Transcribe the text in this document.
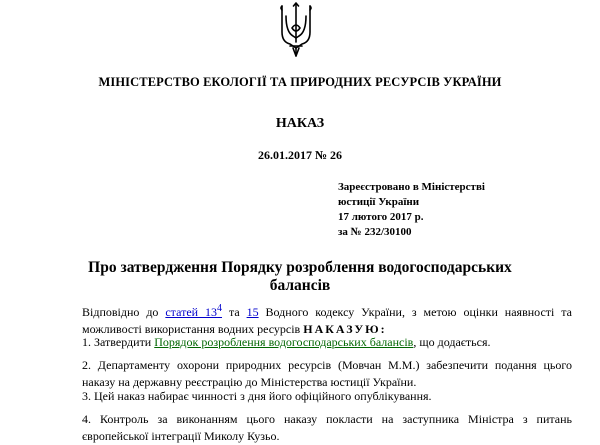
МІНІСТЕРСТВО ЕКОЛОГІЇ ТА ПРИРОДНИХ РЕСУРСІВ УКРАЇНИ
НАКАЗ
26.01.2017 № 26
Зареєстровано в Міністерстві
юстиції України
17 лютого 2017 р.
за № 232/30100
Про затвердження Порядку розроблення водогосподарських
балансів
Відповідно до статей 13$^4$ та 15 Водного кодексу України, з метою оцінки наявності та можливості використання водних ресурсів НАКАЗУЮ:
1. Затвердити Порядок розроблення водогосподарських балансів, що додається.
2. Департаменту охорони природних ресурсів (Мовчан М.М.) забезпечити подання цього наказу на державну реєстрацію до Міністерства юстиції України.
3. Цей наказ набирає чинності з дня його офіційного опублікування.
4. Контроль за виконанням цього наказу покласти на заступника Міністра з питань європейської інтеграції Миколу Кузьо.
